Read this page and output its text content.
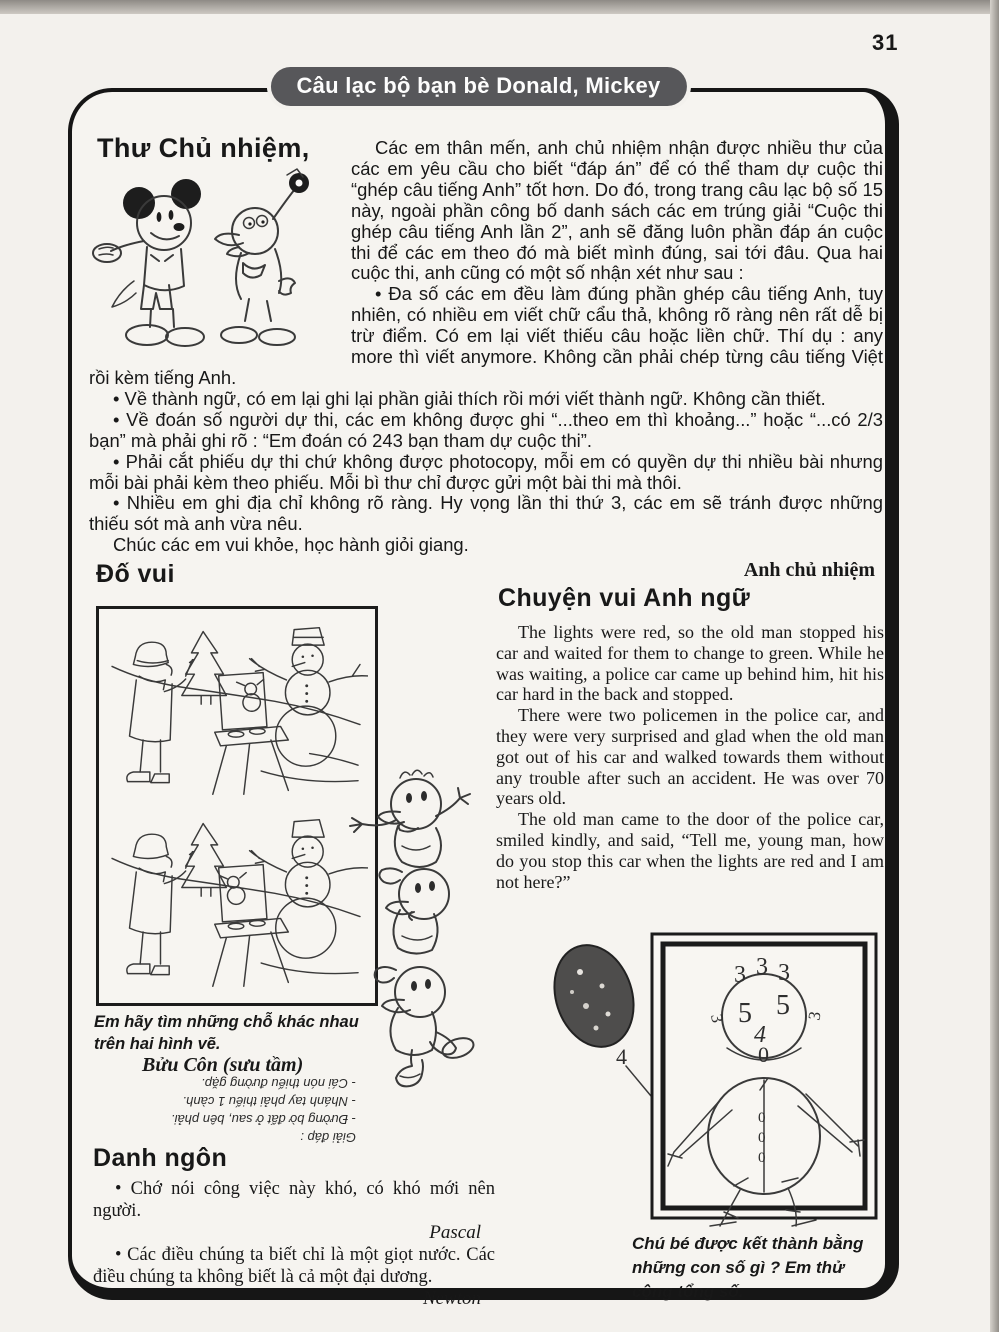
31
Câu lạc bộ bạn bè Donald, Mickey
Thư Chủ nhiệm,	Các em thân mến, anh chủ nhiệm nhận được nhiều thư của các em yêu cầu cho biết “đáp án” để có thể tham dự cuộc thi “ghép câu tiếng Anh” tốt hơn. Do đó, trong trang câu lạc bộ số 15 này, ngoài phần công bố danh sách các em trúng giải “Cuộc thi ghép câu tiếng Anh lần 2”, anh sẽ đăng luôn phần đáp án cuộc thi để các em theo đó mà biết mình đúng, sai tới đâu. Qua hai cuộc thi, anh cũng có một số nhận xét như sau :

• Đa số các em đều làm đúng phần ghép câu tiếng Anh, tuy nhiên, có nhiều em viết chữ cẩu thả, không rõ ràng nên rất dễ bị trừ điểm. Có em lại viết thiếu câu hoặc liền chữ. Thí dụ : any more thì viết anymore. Không cần phải chép từng câu tiếng Việt rồi kèm tiếng Anh.

• Về thành ngữ, có em lại ghi lại phần giải thích rồi mới viết thành ngữ. Không cần thiết.

• Về đoán số người dự thi, các em không được ghi “...theo em thì khoảng...” hoặc “...có 2/3 bạn” mà phải ghi rõ : “Em đoán có 243 bạn tham dự cuộc thi”.

• Phải cắt phiếu dự thi chứ không được photocopy, mỗi em có quyền dự thi nhiều bài nhưng mỗi bài phải kèm theo phiếu. Mỗi bì thư chỉ được gửi một bài thi mà thôi.

• Nhiều em ghi địa chỉ không rõ ràng. Hy vọng lần thi thứ 3, các em sẽ tránh được những thiếu sót mà anh vừa nêu.

Chúc các em vui khỏe, học hành giỏi giang.

Anh chủ nhiệm

Đố vui
Em hãy tìm những chỗ khác nhau trên hai hình vẽ.
Bửu Côn (sưu tầm)
Giải đáp :
- Đường bờ đất ở sau, bên phải.
- Nhánh tay phải thiếu 1 cành.
- Cái nón thiếu đường gặp.
Danh ngôn

• Chớ nói công việc này khó, có khó mới nên người.

Pascal

• Các điều chúng ta biết chỉ là một giọt nước. Các điều chúng ta không biết là cả một đại dương.

Newton

Chuyện vui Anh ngữ

The lights were red, so the old man stopped his car and waited for them to change to green. While he was waiting, a police car came up behind him, hit his car hard in the back and stopped.

There were two policemen in the police car, and they were very surprised and glad when the old man got out of his car and walked towards them without any trouble after such an accident. He was over 70 years old.

The old man came to the door of the police car, smiled kindly, and said, “Tell me, young man, how do you stop this car when the lights are red and I am not here?”

4
3 3 3
3	3
5 5
4
0
0
0
0
Chú bé được kết thành bằng những con số gì ? Em thử cộng tổng số.
